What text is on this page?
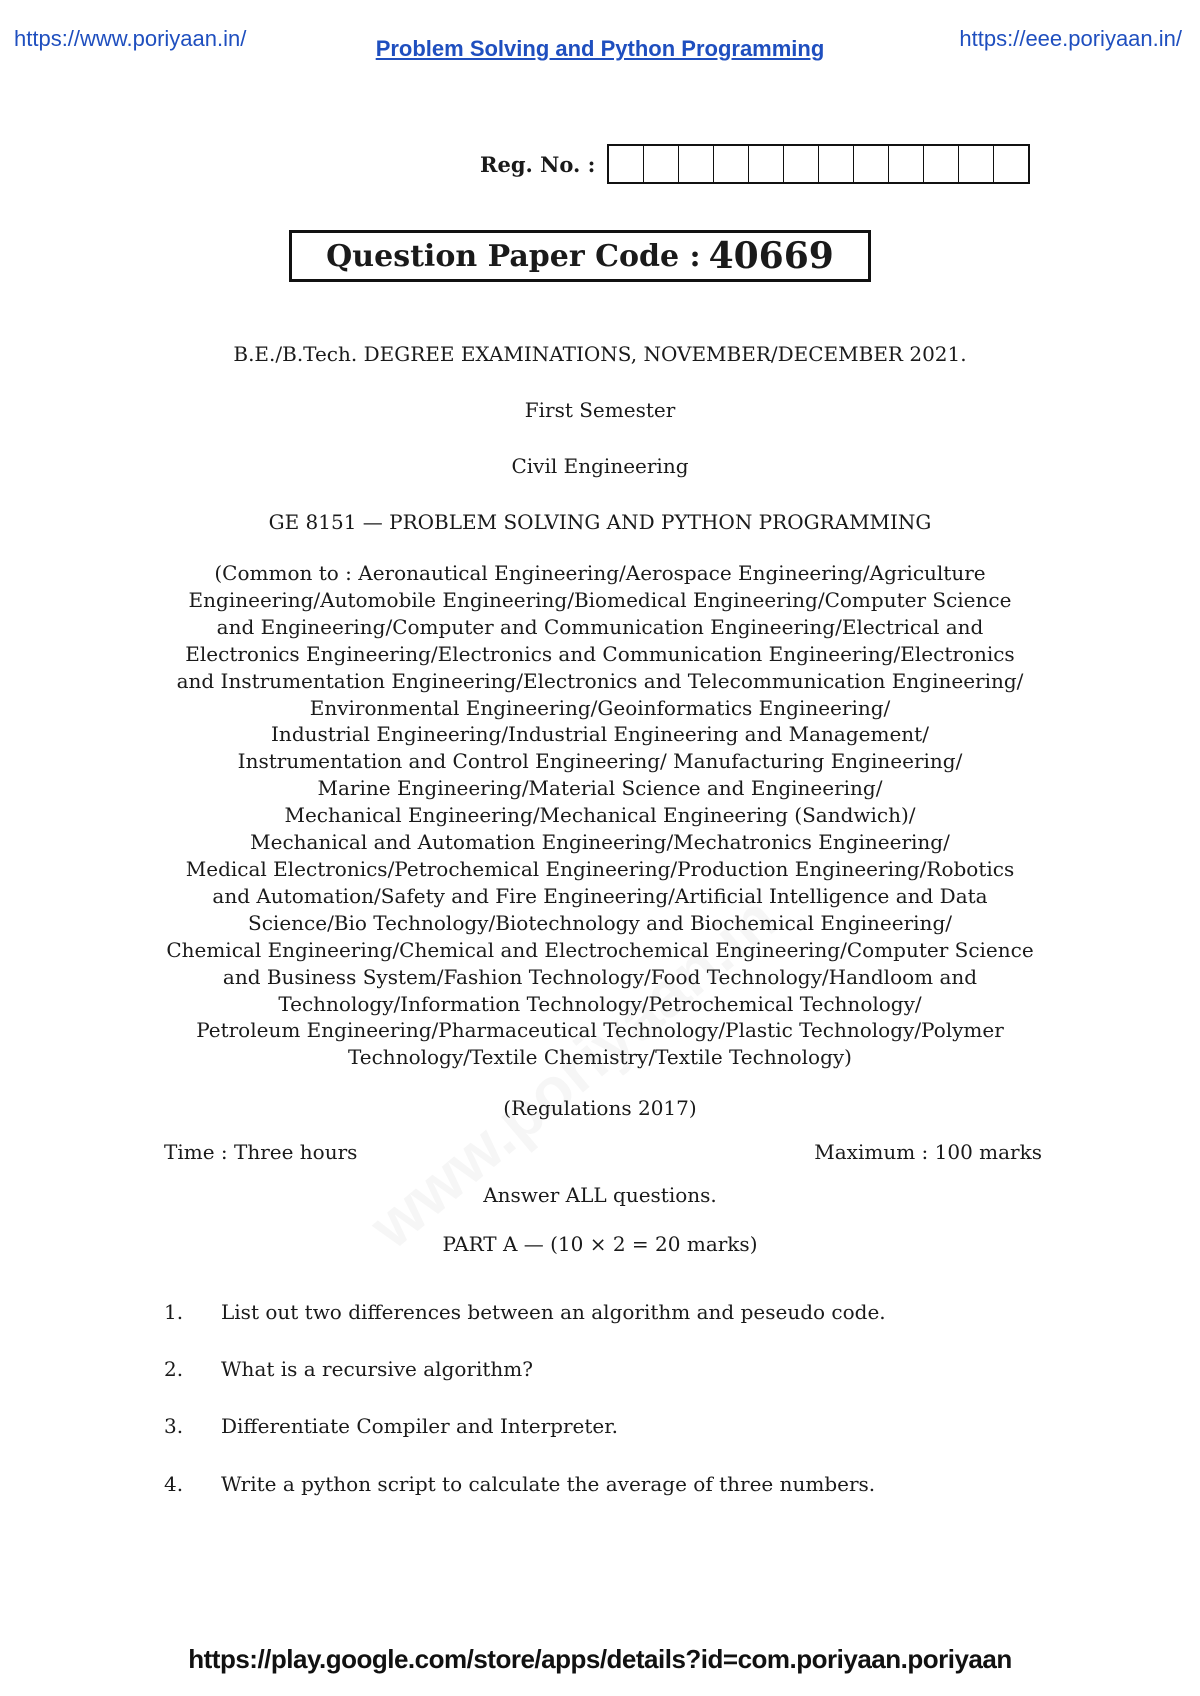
https://www.poriyaan.in/	Problem Solving and Python Programming	https://eee.poriyaan.in/
Reg. No. :
Question Paper Code : 40669
B.E./B.Tech. DEGREE EXAMINATIONS, NOVEMBER/DECEMBER 2021.
First Semester
Civil Engineering
GE 8151 — PROBLEM SOLVING AND PYTHON PROGRAMMING
(Common to : Aeronautical Engineering/Aerospace Engineering/Agriculture
Engineering/Automobile Engineering/Biomedical Engineering/Computer Science
and Engineering/Computer and Communication Engineering/Electrical and
Electronics Engineering/Electronics and Communication Engineering/Electronics
and Instrumentation Engineering/Electronics and Telecommunication Engineering/
Environmental Engineering/Geoinformatics Engineering/
Industrial Engineering/Industrial Engineering and Management/
Instrumentation and Control Engineering/ Manufacturing Engineering/
Marine Engineering/Material Science and Engineering/
Mechanical Engineering/Mechanical Engineering (Sandwich)/
Mechanical and Automation Engineering/Mechatronics Engineering/
Medical Electronics/Petrochemical Engineering/Production Engineering/Robotics
and Automation/Safety and Fire Engineering/Artificial Intelligence and Data
Science/Bio Technology/Biotechnology and Biochemical Engineering/
Chemical Engineering/Chemical and Electrochemical Engineering/Computer Science
and Business System/Fashion Technology/Food Technology/Handloom and
Technology/Information Technology/Petrochemical Technology/
Petroleum Engineering/Pharmaceutical Technology/Plastic Technology/Polymer
Technology/Textile Chemistry/Textile Technology)
(Regulations 2017)
Time : Three hours	Maximum : 100 marks
Answer ALL questions.
PART A — (10 × 2 = 20 marks)
1. List out two differences between an algorithm and peseudo code.
2. What is a recursive algorithm?
3. Differentiate Compiler and Interpreter.
4. Write a python script to calculate the average of three numbers.
https://play.google.com/store/apps/details?id=com.poriyaan.poriyaan
